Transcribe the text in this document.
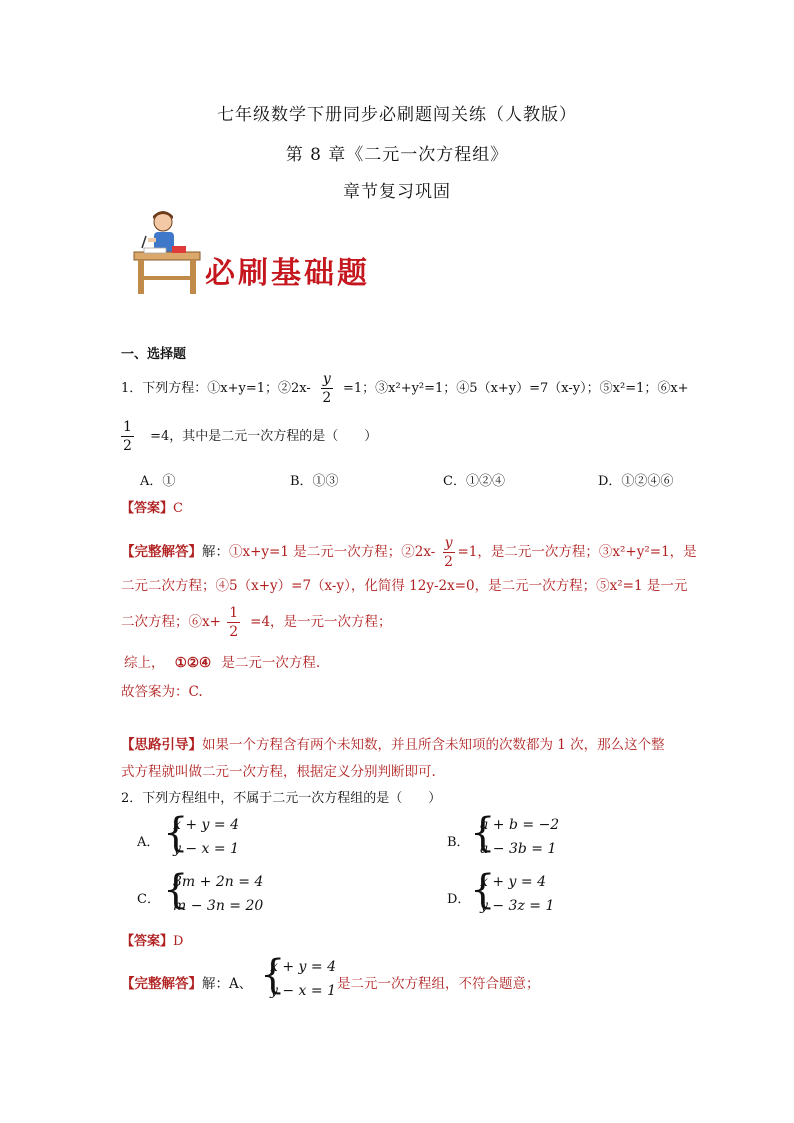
七年级数学下册同步必刷题闯关练（人教版）
第 8 章《二元一次方程组》
章节复习巩固
必刷基础题
一、选择题
1．下列方程：①x+y=1；②2x- $\frac{y}{2} =1$；③x²+y²=1；④5（x+y）=7（x-y）；⑤x²=1；⑥x+
$\frac{1}{2} =4$，其中是二元一次方程的是（　　）
A．①	B．①③	C．①②④	D．①②④⑥
【答案】C
【完整解答】解：①x+y=1 是二元一次方程；②2x- $\frac{y}{2} =1$，是二元一次方程；③x²+y²=1，是
二元二次方程；④5（x+y）=7（x-y），化简得 12y-2x=0，是二元一次方程；⑤x²=1 是一元
二次方程；⑥x+ $\frac{1}{2} =4$，是一元一次方程；
综上， ①②④ 是二元一次方程.
故答案为：C.
【思路引导】如果一个方程含有两个未知数，并且所含未知项的次数都为 1 次，那么这个整
式方程就叫做二元一次方程，根据定义分别判断即可.
2．下列方程组中，不属于二元一次方程组的是（　　）
A． {
x + y = 4
y − x = 1	B． {
a + b = −2
a − 3b = 1
C． {
3m + 2n = 4
m − 3n = 20	D． {
x + y = 4
y − 3z = 1
【答案】D
【完整解答】解：A、 {
x + y = 4
y − x = 1 是二元一次方程组，不符合题意；
